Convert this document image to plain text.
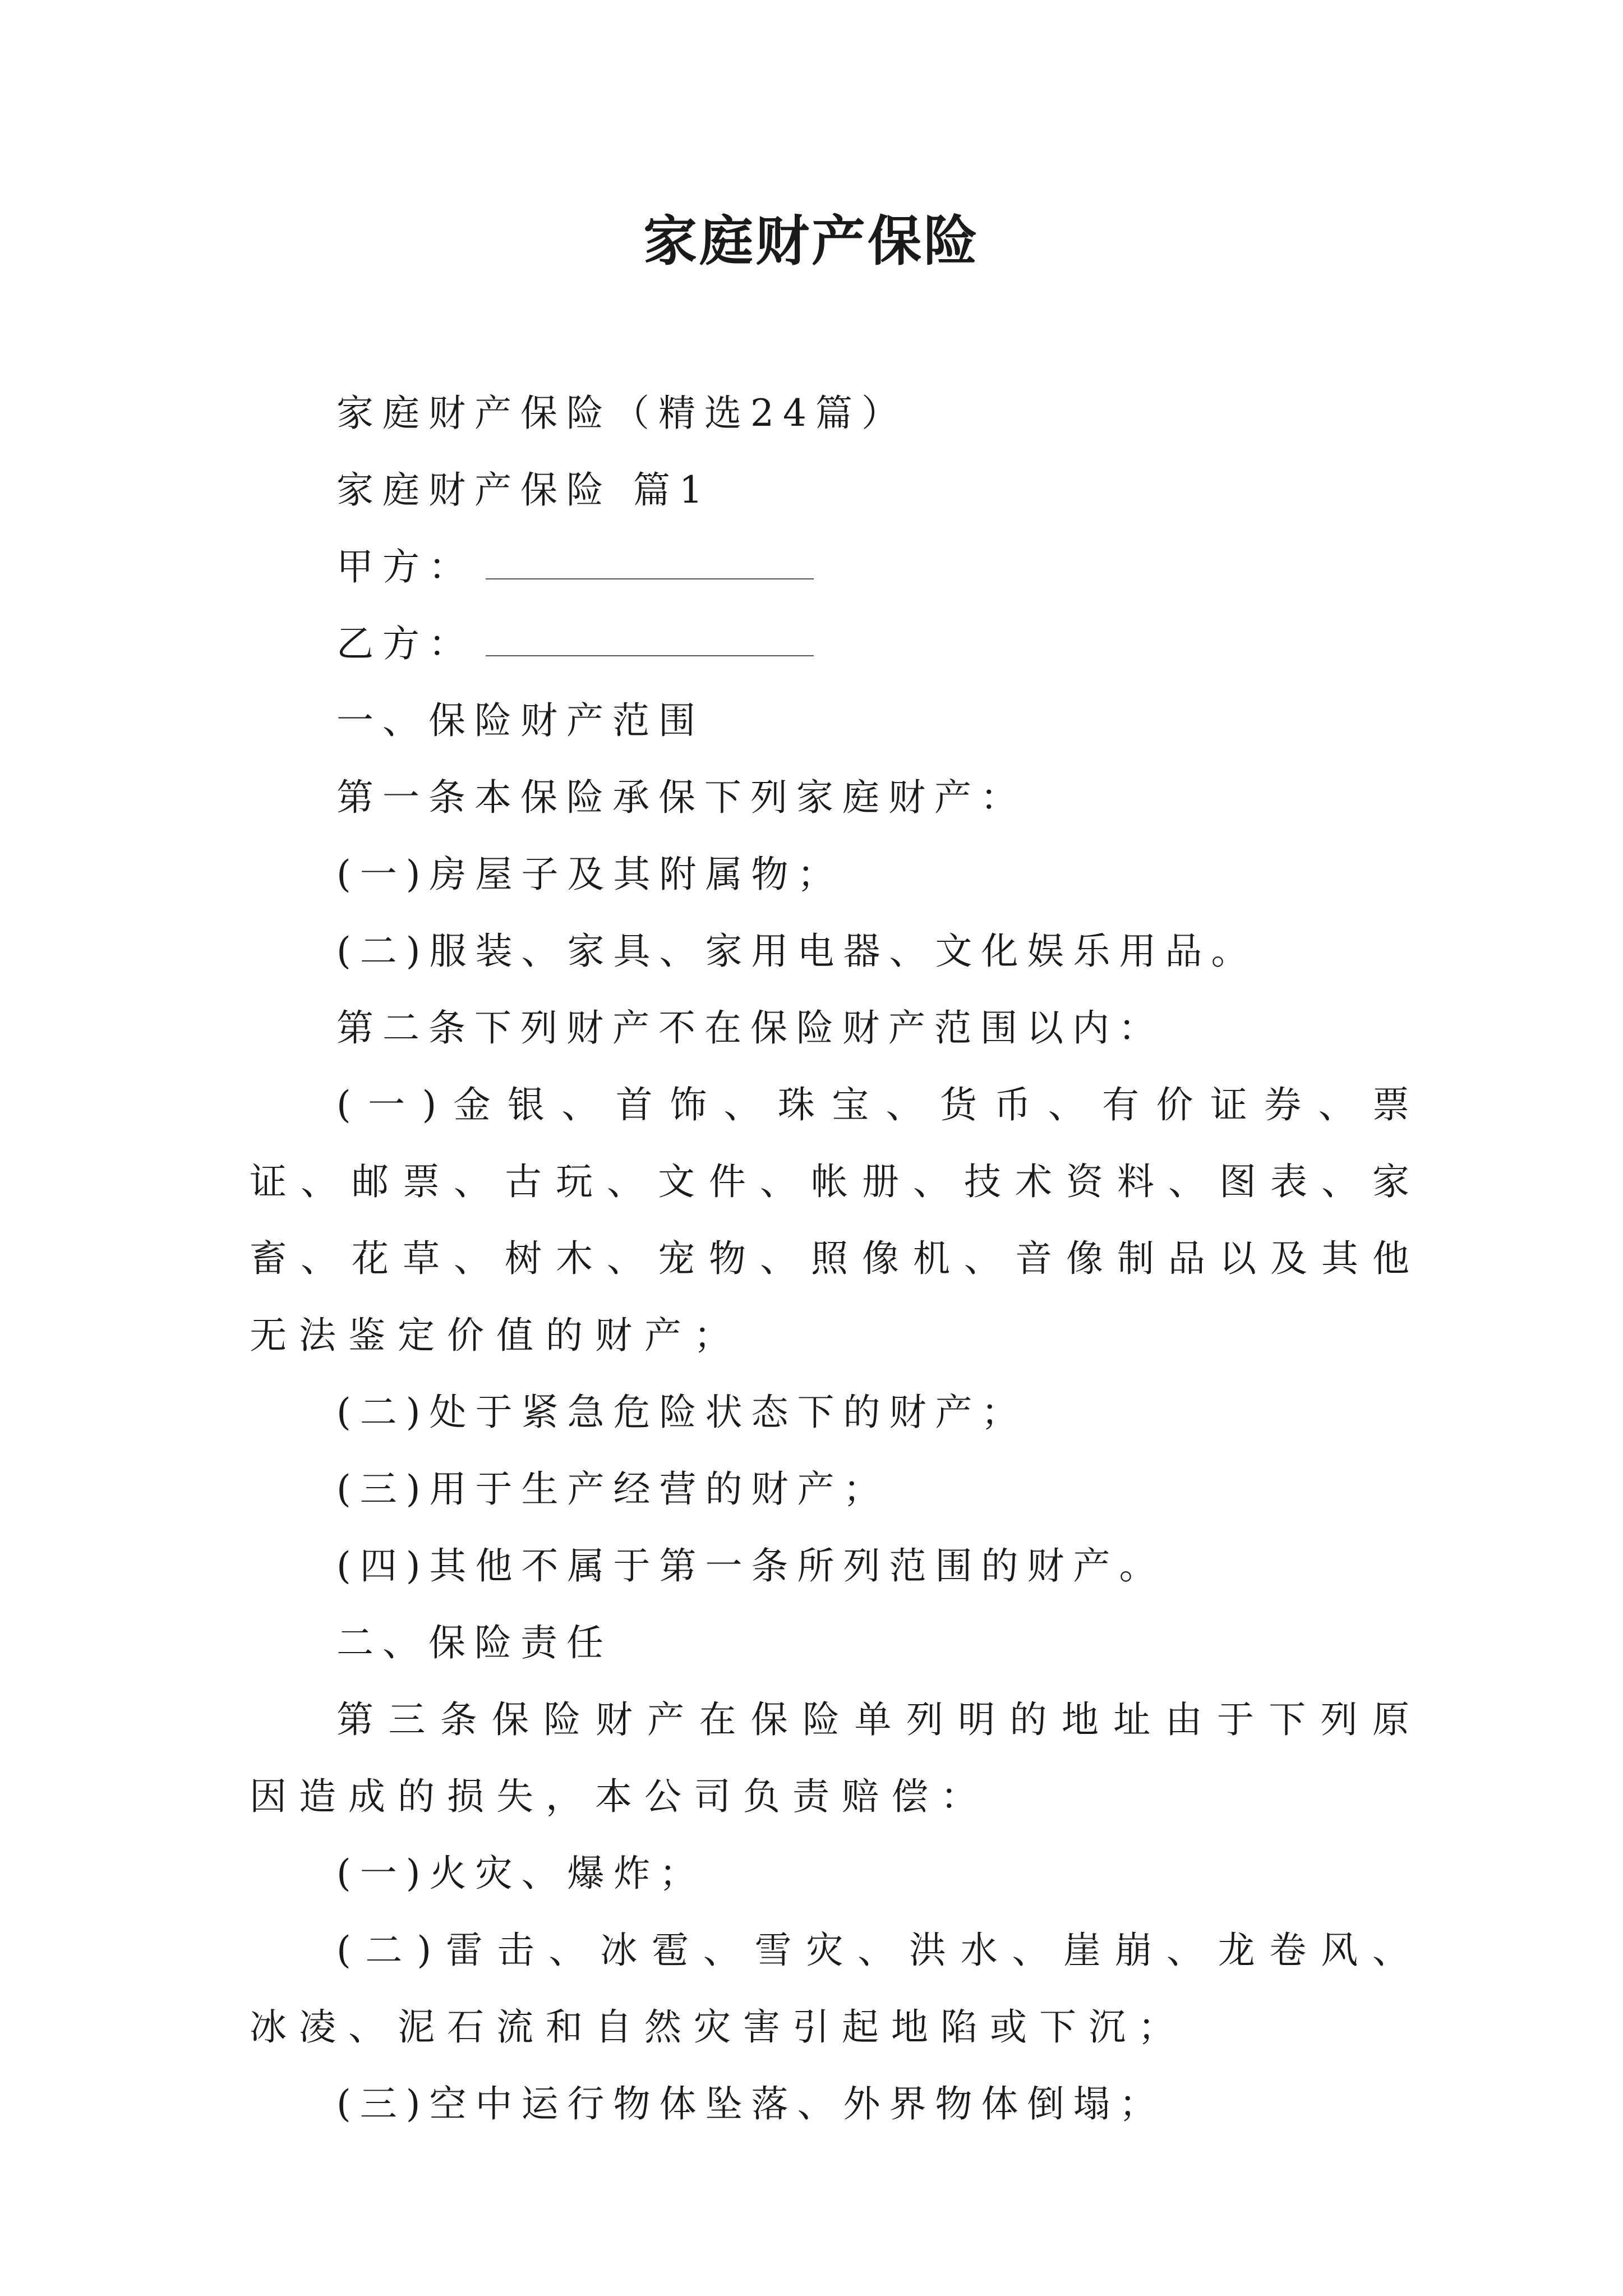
家庭财产保险

家庭财产保险（精选24篇）

家庭财产保险 篇1

甲方：

乙方：

一、保险财产范围

第一条本保险承保下列家庭财产：

(一)房屋子及其附属物；

(二)服装、家具、家用电器、文化娱乐用品。

第二条下列财产不在保险财产范围以内：

(一)金银、首饰、珠宝、货币、有价证券、票证、邮票、古玩、文件、帐册、技术资料、图表、家畜、花草、树木、宠物、照像机、音像制品以及其他无法鉴定价值的财产；

(二)处于紧急危险状态下的财产；

(三)用于生产经营的财产；

(四)其他不属于第一条所列范围的财产。

二、保险责任

第三条保险财产在保险单列明的地址由于下列原因造成的损失，本公司负责赔偿：

(一)火灾、爆炸；

(二)雷击、冰雹、雪灾、洪水、崖崩、龙卷风、冰凌、泥石流和自然灾害引起地陷或下沉；

(三)空中运行物体坠落、外界物体倒塌；
